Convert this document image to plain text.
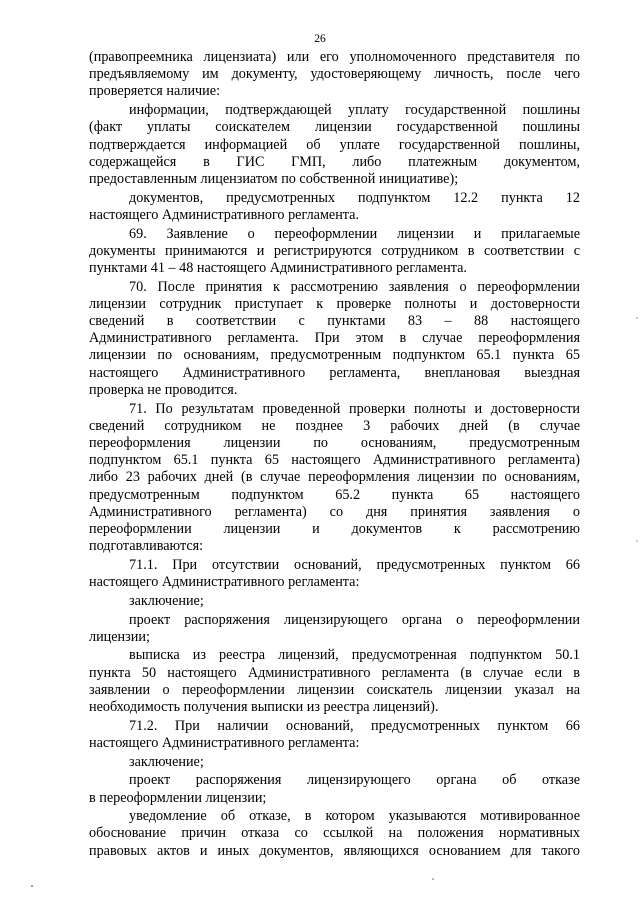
26

(правопреемника лицензиата) или его уполномоченного представителя по
предъявляемому им документу, удостоверяющему личность, после чего
проверяется наличие:

информации, подтверждающей уплату государственной пошлины
(факт уплаты соискателем лицензии государственной пошлины
подтверждается информацией об уплате государственной пошлины,
содержащейся в ГИС ГМП, либо платежным документом,
предоставленным лицензиатом по собственной инициативе);

документов, предусмотренных подпунктом 12.2 пункта 12
настоящего Административного регламента.

69. Заявление о переоформлении лицензии и прилагаемые
документы принимаются и регистрируются сотрудником в соответствии с
пунктами 41 – 48 настоящего Административного регламента.

70. После принятия к рассмотрению заявления о переоформлении
лицензии сотрудник приступает к проверке полноты и достоверности
сведений в соответствии с пунктами 83 – 88 настоящего
Административного регламента. При этом в случае переоформления
лицензии по основаниям, предусмотренным подпунктом 65.1 пункта 65
настоящего Административного регламента, внеплановая выездная
проверка не проводится.

71. По результатам проведенной проверки полноты и достоверности
сведений сотрудником не позднее 3 рабочих дней (в случае
переоформления лицензии по основаниям, предусмотренным
подпунктом 65.1 пункта 65 настоящего Административного регламента)
либо 23 рабочих дней (в случае переоформления лицензии по основаниям,
предусмотренным подпунктом 65.2 пункта 65 настоящего
Административного регламента) со дня принятия заявления о
переоформлении лицензии и документов к рассмотрению
подготавливаются:

71.1. При отсутствии оснований, предусмотренных пунктом 66
настоящего Административного регламента:

заключение;

проект распоряжения лицензирующего органа о переоформлении
лицензии;

выписка из реестра лицензий, предусмотренная подпунктом 50.1
пункта 50 настоящего Административного регламента (в случае если в
заявлении о переоформлении лицензии соискатель лицензии указал на
необходимость получения выписки из реестра лицензий).

71.2. При наличии оснований, предусмотренных пунктом 66
настоящего Административного регламента:

заключение;

проект распоряжения лицензирующего органа об отказе
в переоформлении лицензии;

уведомление об отказе, в котором указываются мотивированное
обоснование причин отказа со ссылкой на положения нормативных
правовых актов и иных документов, являющихся основанием для такого
